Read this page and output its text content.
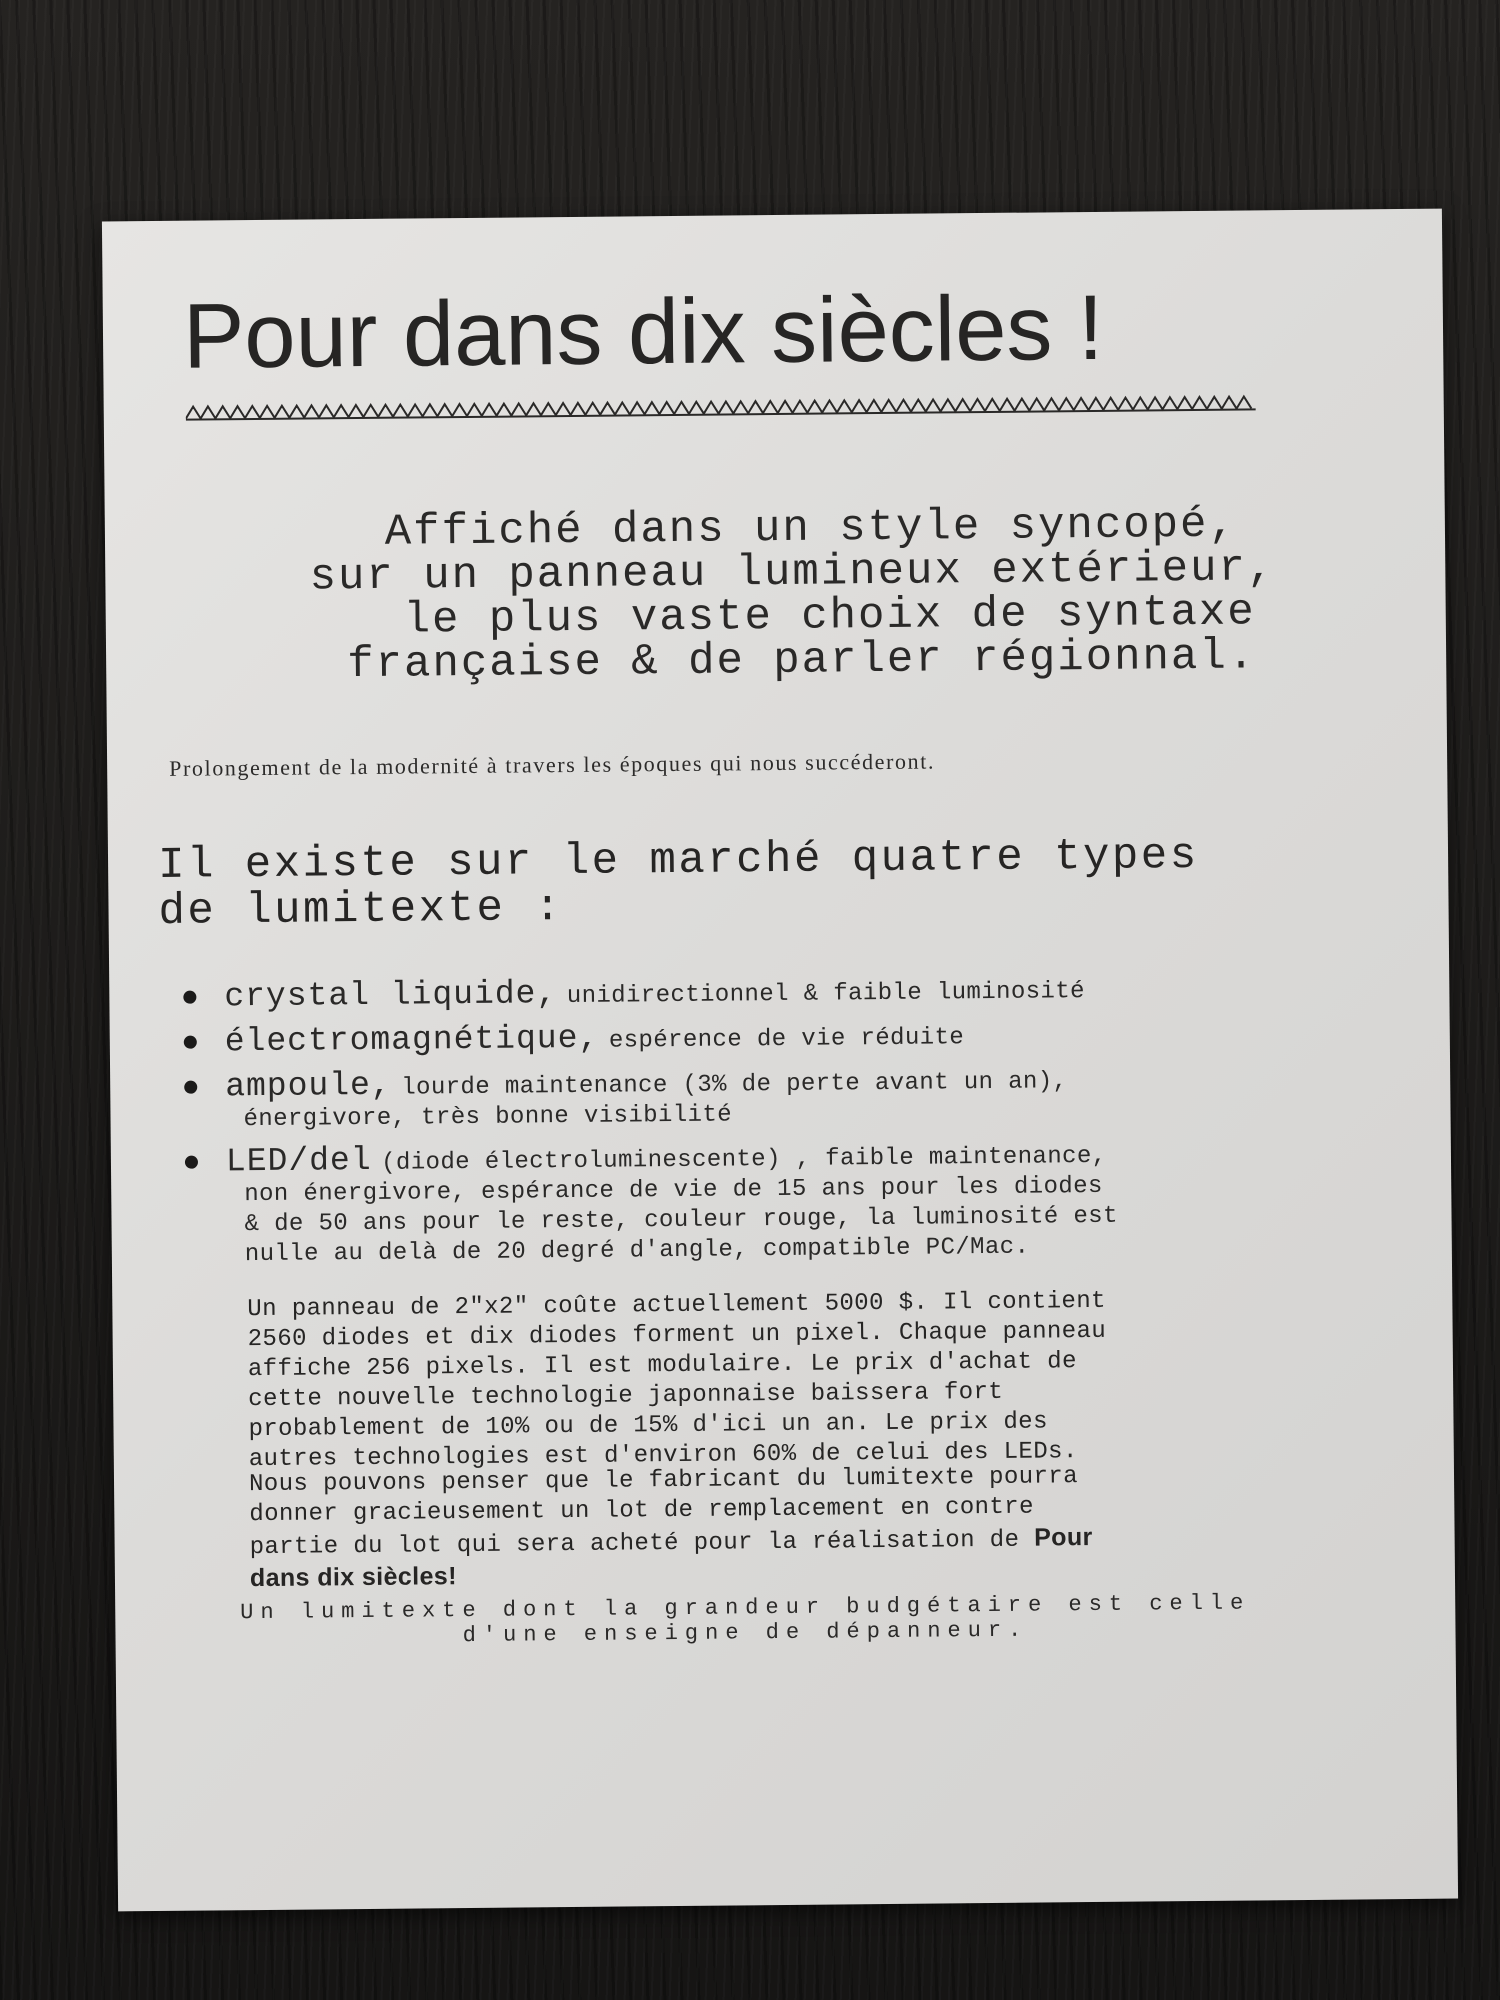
Pour dans dix siècles !
Affiché dans un style syncopé,
sur un panneau lumineux extérieur,
le plus vaste choix de syntaxe
française & de parler régionnal.
Prolongement de la modernité à travers les époques qui nous succéderont.
Il existe sur le marché quatre types
de lumitexte :
crystal liquide, unidirectionnel & faible luminosité
électromagnétique, espérence de vie réduite
ampoule, lourde maintenance (3% de perte avant un an),
énergivore, très bonne visibilité
LED/del (diode électroluminescente) , faible maintenance,
non énergivore, espérance de vie de 15 ans pour les diodes
& de 50 ans pour le reste, couleur rouge, la luminosité est
nulle au delà de 20 degré d'angle, compatible PC/Mac.
Un panneau de 2"x2" coûte actuellement 5000 $. Il contient
2560 diodes et dix diodes forment un pixel. Chaque panneau
affiche 256 pixels. Il est modulaire. Le prix d'achat de
cette nouvelle technologie japonnaise baissera fort
probablement de 10% ou de 15% d'ici un an. Le prix des
autres technologies est d'environ 60% de celui des LEDs.
Nous pouvons penser que le fabricant du lumitexte pourra
donner gracieusement un lot de remplacement en contre
partie du lot qui sera acheté pour la réalisation de Pour
dans dix siècles!
Un lumitexte dont la grandeur budgétaire est celle
d'une enseigne de dépanneur.
